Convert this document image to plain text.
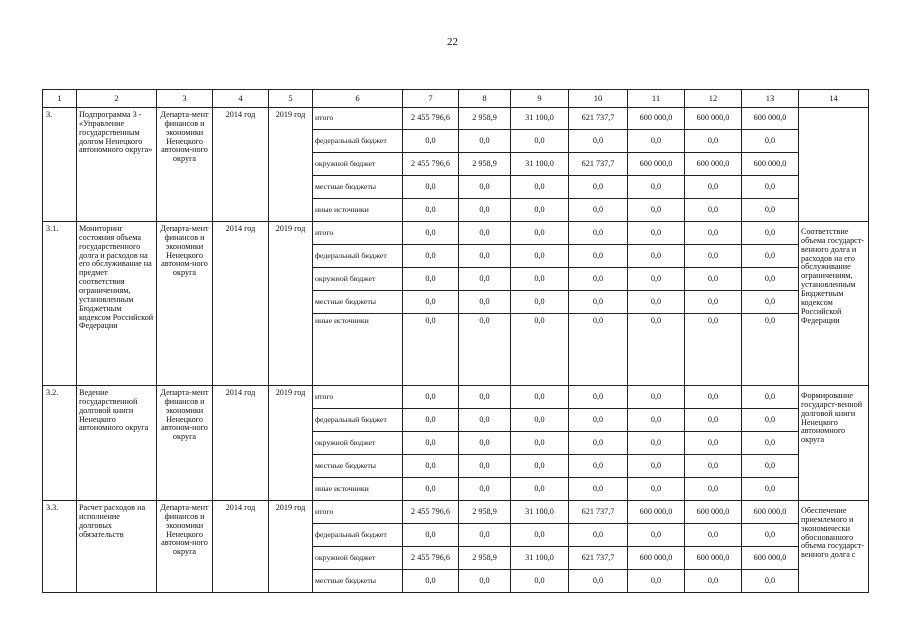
22
1	2	3	4	5	6	7	8	9	10	11	12	13	14
3.	Подпрограмма 3 - «Управление государственным долгом Ненецкого автономного округа»	Департа-мент финансов и экономики Ненецкого автоном-ного округа	2014 год	2019 год	итого	2 455 796,6	2 958,9	31 100,0	621 737,7	600 000,0	600 000,0	600 000,0	
					федеральный бюджет	0,0	0,0	0,0	0,0	0,0	0,0	0,0	
					окружной бюджет	2 455 796,6	2 958,9	31 100,0	621 737,7	600 000,0	600 000,0	600 000,0	
					местные бюджеты	0,0	0,0	0,0	0,0	0,0	0,0	0,0	
					иные источники	0,0	0,0	0,0	0,0	0,0	0,0	0,0	
3.1.	Мониторинг состояния объема государственного долга и расходов на его обслуживание на предмет соответствия ограничениям, установленным Бюджетным кодексом Российской Федерации	Департа-мент финансов и экономики Ненецкого автоном-ного округа	2014 год	2019 год	итого	0,0	0,0	0,0	0,0	0,0	0,0	0,0	Соответствие объема государст-венного долга и расходов на его обслуживание ограничениям, установленным Бюджетным кодексом Российской Федерации
					федеральный бюджет	0,0	0,0	0,0	0,0	0,0	0,0	0,0	
					окружной бюджет	0,0	0,0	0,0	0,0	0,0	0,0	0,0	
					местные бюджеты	0,0	0,0	0,0	0,0	0,0	0,0	0,0	
					иные источники	0,0	0,0	0,0	0,0	0,0	0,0	0,0	
3.2.	Ведение государственной долговой книги Ненецкого автономного округа	Департа-мент финансов и экономики Ненецкого автоном-ного округа	2014 год	2019 год	итого	0,0	0,0	0,0	0,0	0,0	0,0	0,0	Формирование государст-венной долговой книги Ненецкого автономного округа
					федеральный бюджет	0,0	0,0	0,0	0,0	0,0	0,0	0,0	
					окружной бюджет	0,0	0,0	0,0	0,0	0,0	0,0	0,0	
					местные бюджеты	0,0	0,0	0,0	0,0	0,0	0,0	0,0	
					иные источники	0,0	0,0	0,0	0,0	0,0	0,0	0,0	
3.3.	Расчет расходов на исполнение долговых обязательств	Департа-мент финансов и экономики Ненецкого автоном-ного округа	2014 год	2019 год	итого	2 455 796,6	2 958,9	31 100,0	621 737,7	600 000,0	600 000,0	600 000,0	Обеспечение приемлемого и экономически обоснованного объема государст-венного долга с
					федеральный бюджет	0,0	0,0	0,0	0,0	0,0	0,0	0,0	
					окружной бюджет	2 455 796,6	2 958,9	31 100,0	621 737,7	600 000,0	600 000,0	600 000,0	
					местные бюджеты	0,0	0,0	0,0	0,0	0,0	0,0	0,0	
